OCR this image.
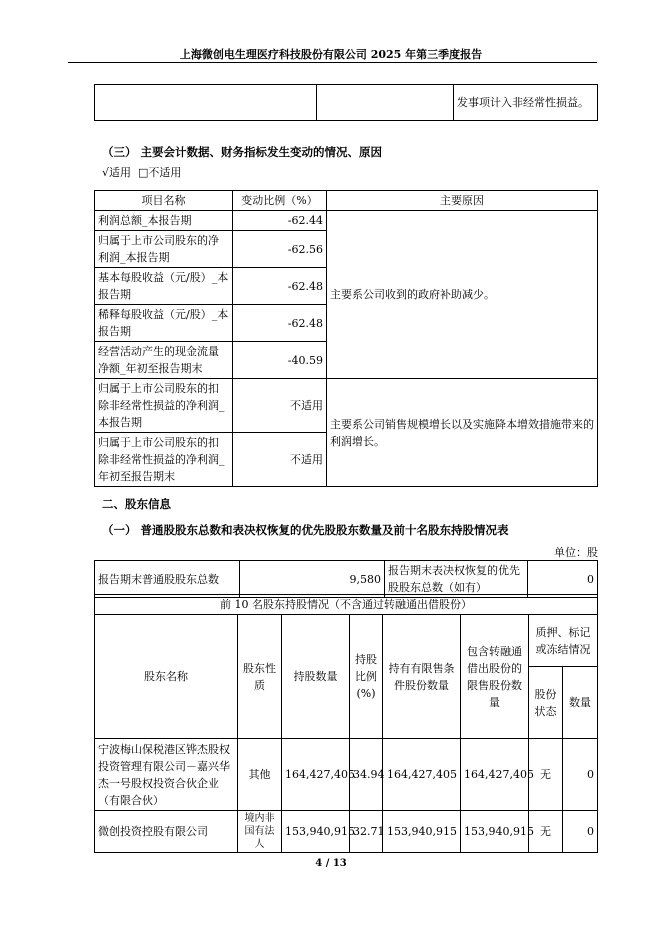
上海微创电生理医疗科技股份有限公司 2025 年第三季度报告
		发事项计入非经常性损益。
（三） 主要会计数据、财务指标发生变动的情况、原因
√适用 □不适用
项目名称	变动比例（%）	主要原因
利润总额_本报告期	-62.44	主要系公司收到的政府补助减少。
归属于上市公司股东的净利润_本报告期	-62.56	
基本每股收益（元/股）_本报告期	-62.48	
稀释每股收益（元/股）_本报告期	-62.48	
经营活动产生的现金流量净额_年初至报告期末	-40.59	
归属于上市公司股东的扣除非经常性损益的净利润_本报告期	不适用	主要系公司销售规模增长以及实施降本增效措施带来的利润增长。
归属于上市公司股东的扣除非经常性损益的净利润_年初至报告期末	不适用	
二、股东信息
（一） 普通股股东总数和表决权恢复的优先股股东数量及前十名股东持股情况表
单位：股
报告期末普通股股东总数	9,580	报告期末表决权恢复的优先股股东总数（如有）	0
前 10 名股东持股情况（不含通过转融通出借股份）							
股东名称	股东性质	持股数量	持股比例(%)	持有有限售条件股份数量	包含转融通借出股份的限售股份数量	质押、标记或冻结情况	
						股份状态	数量
宁波梅山保税港区铧杰股权投资管理有限公司－嘉兴华杰一号股权投资合伙企业（有限合伙）	其他	164,427,405	34.94	164,427,405	164,427,405	无	0
微创投资控股有限公司	境内非国有法人	153,940,915	32.71	153,940,915	153,940,915	无	0
4 / 13
